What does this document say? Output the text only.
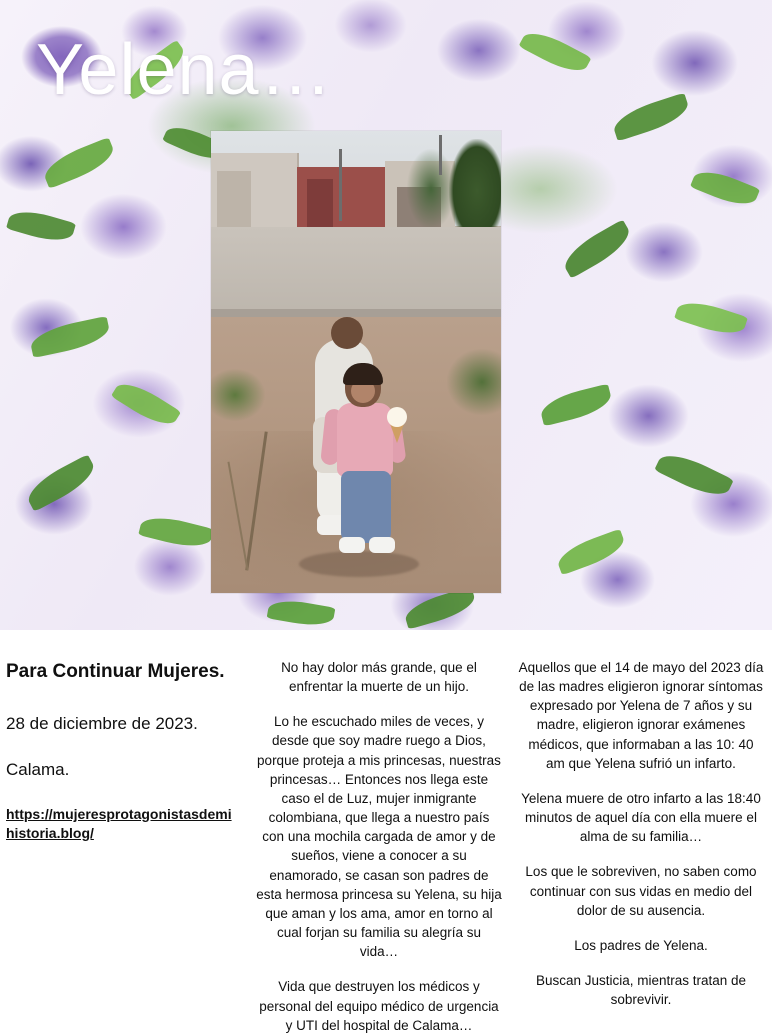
Yelena…
Para Continuar Mujeres.
28 de diciembre de 2023.
Calama.
https://mujeresprotagonistasdemihistoria.blog/

No hay dolor más grande, que el enfrentar la muerte de un hijo.

Lo he escuchado miles de veces, y desde que soy madre ruego a Dios, porque proteja a mis princesas, nuestras princesas… Entonces nos llega este caso el de Luz, mujer inmigrante colombiana, que llega a nuestro país con una mochila cargada de amor y de sueños, viene a conocer a su enamorado, se casan son padres de esta hermosa princesa su Yelena, su hija que aman y los ama, amor en torno al cual forjan su familia su alegría su vida…

Vida que destruyen los médicos y personal del equipo médico de urgencia y UTI del hospital de Calama…

Aquellos que el 14 de mayo del 2023 día de las madres eligieron ignorar síntomas expresado por Yelena de 7 años y su madre, eligieron ignorar exámenes médicos, que informaban a las 10: 40 am que Yelena sufrió un infarto.

Yelena muere de otro infarto a las 18:40 minutos de aquel día con ella muere el alma de su familia…

Los que le sobreviven, no saben como continuar con sus vidas en medio del dolor de su ausencia.

Los padres de Yelena.

Buscan Justicia, mientras tratan de sobrevivir.
